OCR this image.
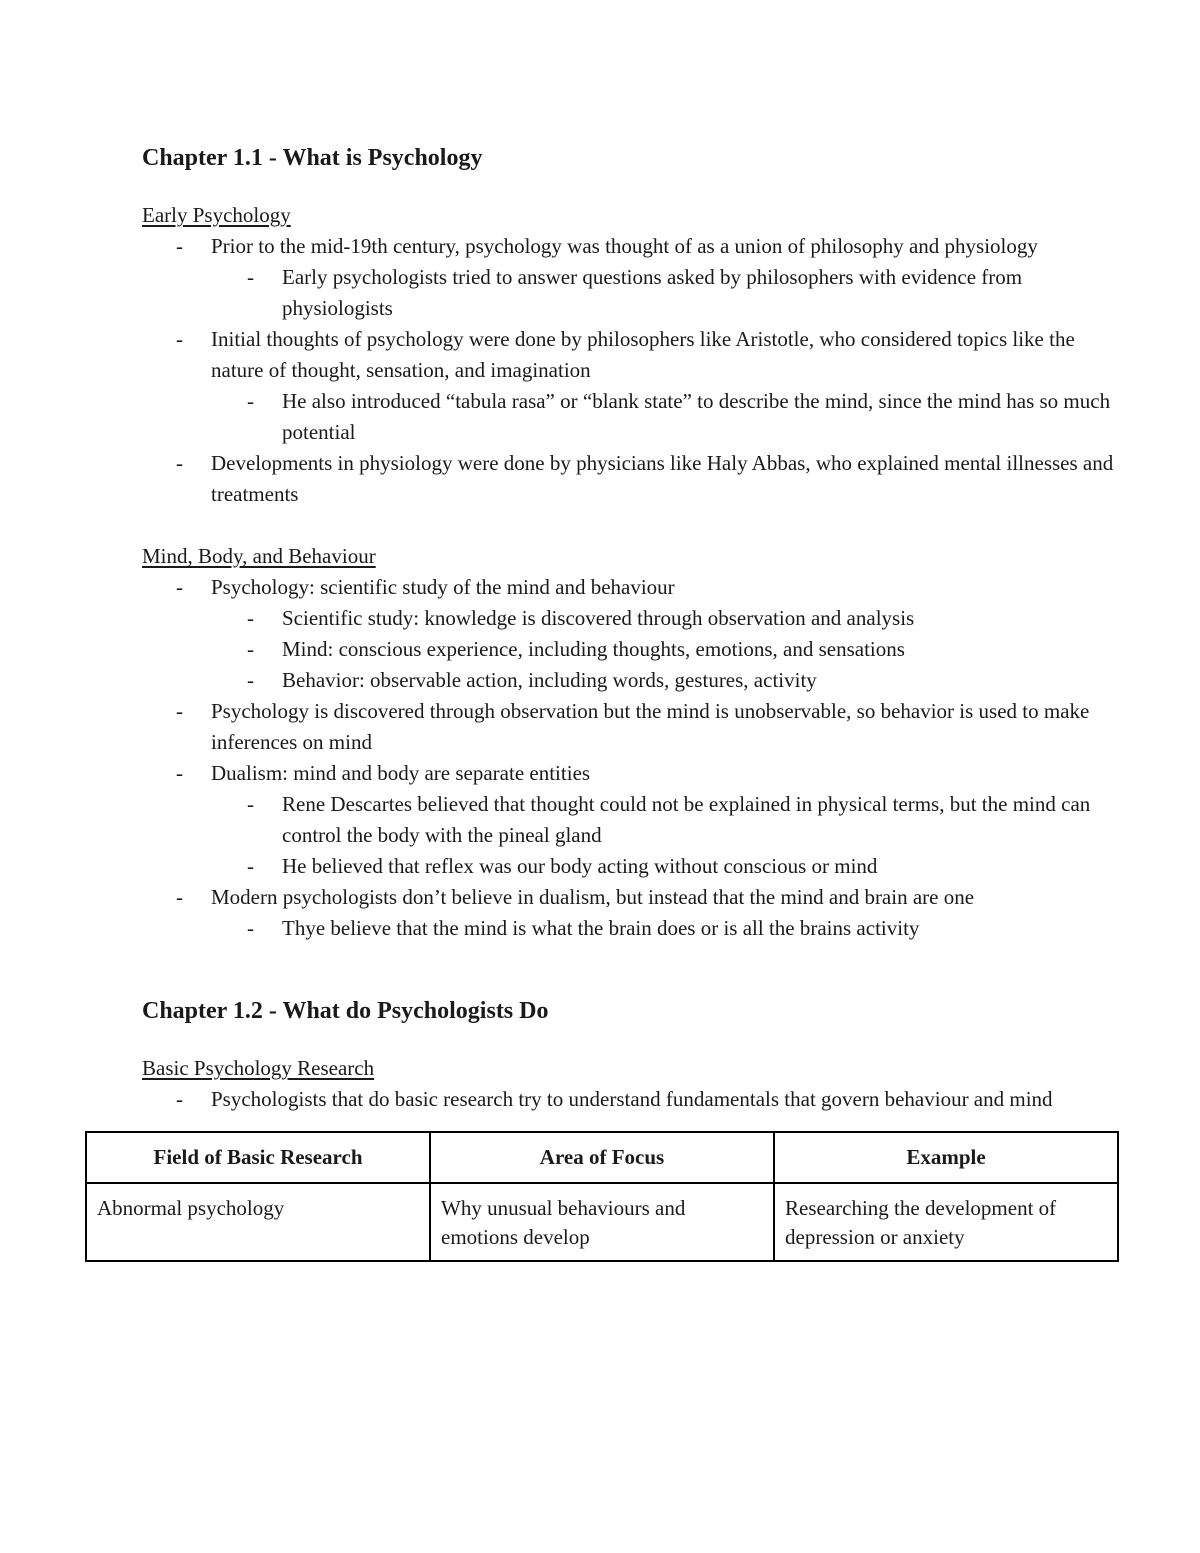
Chapter 1.1 - What is Psychology
Early Psychology
- Prior to the mid-19th century, psychology was thought of as a union of philosophy and physiology
- Early psychologists tried to answer questions asked by philosophers with evidence from physiologists
- Initial thoughts of psychology were done by philosophers like Aristotle, who considered topics like the nature of thought, sensation, and imagination
- He also introduced “tabula rasa” or “blank state” to describe the mind, since the mind has so much potential
- Developments in physiology were done by physicians like Haly Abbas, who explained mental illnesses and treatments
Mind, Body, and Behaviour
- Psychology: scientific study of the mind and behaviour
- Scientific study: knowledge is discovered through observation and analysis
- Mind: conscious experience, including thoughts, emotions, and sensations
- Behavior: observable action, including words, gestures, activity
- Psychology is discovered through observation but the mind is unobservable, so behavior is used to make inferences on mind
- Dualism: mind and body are separate entities
- Rene Descartes believed that thought could not be explained in physical terms, but the mind can control the body with the pineal gland
- He believed that reflex was our body acting without conscious or mind
- Modern psychologists don’t believe in dualism, but instead that the mind and brain are one
- Thye believe that the mind is what the brain does or is all the brains activity
Chapter 1.2 - What do Psychologists Do
Basic Psychology Research
- Psychologists that do basic research try to understand fundamentals that govern behaviour and mind
Field of Basic Research	Area of Focus	Example
Abnormal psychology	Why unusual behaviours and emotions develop	Researching the development of depression or anxiety
